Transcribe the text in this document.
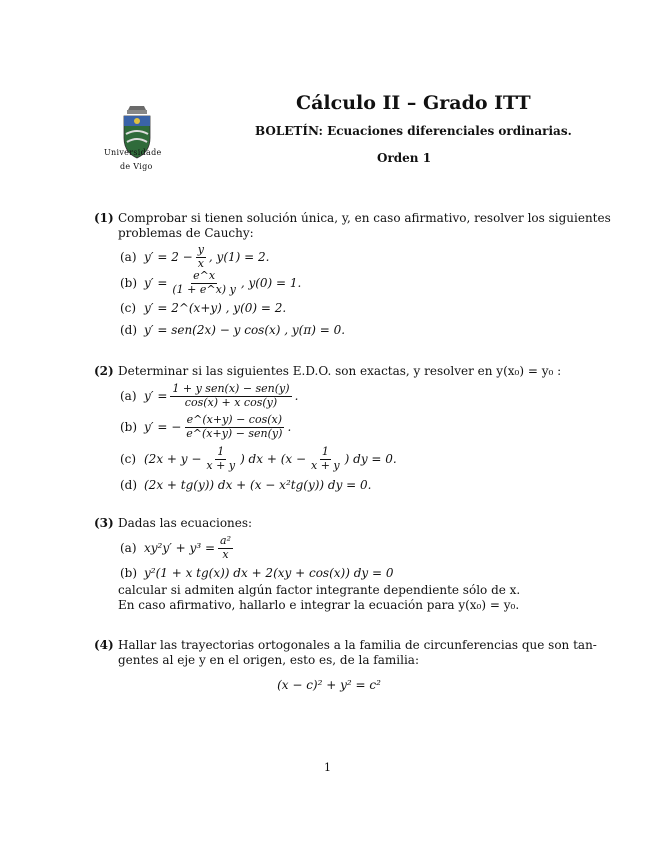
Universidade
de Vigo
Cálculo II – Grado ITT
BOLETÍN: Ecuaciones diferenciales ordinarias.
Orden 1
(1) Comprobar si tienen solución única, y, en caso afirmativo, resolver los siguientes
problemas de Cauchy:
(a) $y' = 2 - \frac{y}{x}$ , y(1) = 2.
(b) $y' = \frac{e\^{}x}{(1 + e\^{}x) y}$ , y(0) = 1.
(c) y′ = 2^(x+y) , y(0) = 2.
(d) y′ = sen(2x) − y cos(x) , y(π) = 0.
(2) Determinar si las siguientes E.D.O. son exactas, y resolver en y(x₀) = y₀ :
(a) $y' = \frac{\text{1 + y sen(x) − sen(y)}}{\text{cos(x) + x cos(y)}}$ .
(b) y′ = − $\frac{e\^{}(x+y) - \cos(x)}{\text{e\textasciicircum{}(x+y) − sen(y)}}$ .
(c) ($2x + y - \frac{1}{x + y}$ ) dx + ($x - \frac{1}{x + y}$ ) dy = 0.
(d) (2x + tg(y)) dx + (x − x²tg(y)) dy = 0.
(3) Dadas las ecuaciones:
(a) $xy^2y' + y^3 = \frac{\text{a²}}{x}$
(b) y²(1 + x tg(x)) dx + 2(xy + cos(x)) dy = 0
calcular si admiten algún factor integrante dependiente sólo de x.
En caso afirmativo, hallarlo e integrar la ecuación para y(x₀) = y₀.
(4) Hallar las trayectorias ortogonales a la familia de circunferencias que son tan-
gentes al eje y en el origen, esto es, de la familia:
(x − c)² + y² = c²
1
